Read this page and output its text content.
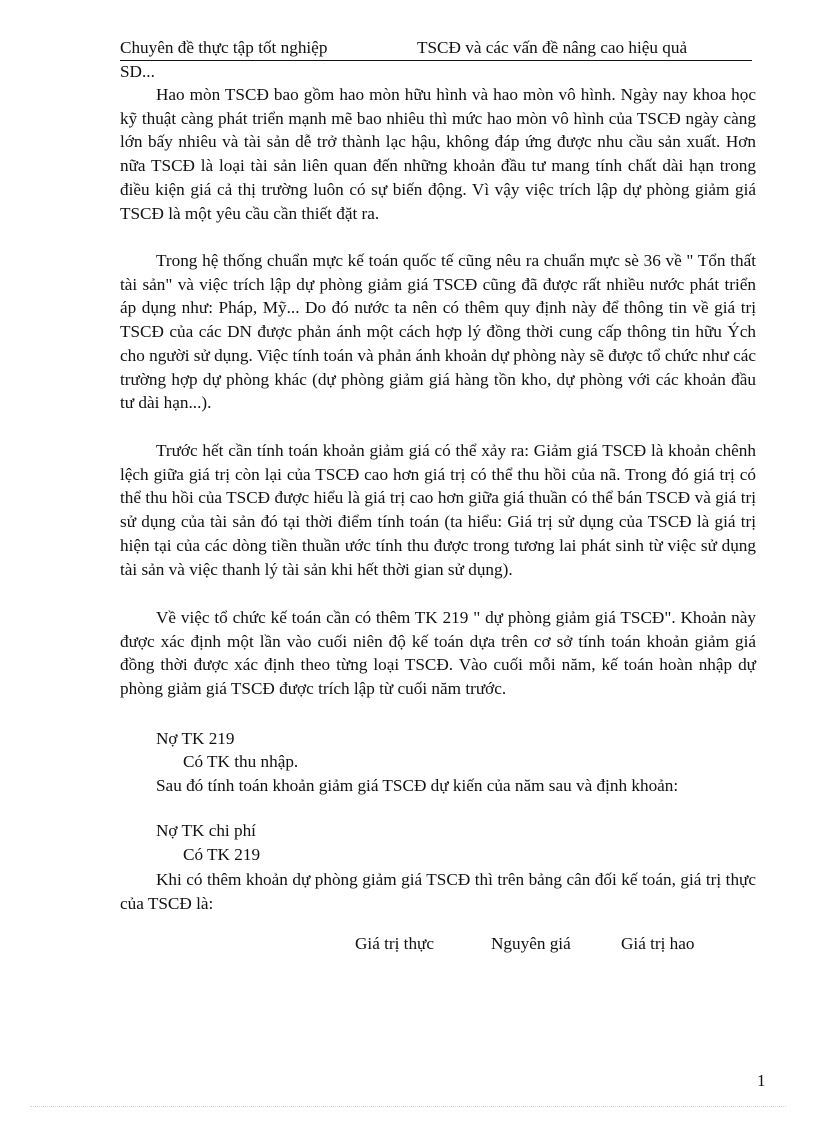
Chuyên đề thực tập tốt nghiệp	TSCĐ và các vấn đề nâng cao hiệu quả
SD...

Hao mòn TSCĐ bao gồm hao mòn hữu hình và hao mòn vô hình. Ngày nay khoa học kỹ thuật càng phát triển mạnh mẽ bao nhiêu thì mức hao mòn vô hình của TSCĐ ngày càng lớn bấy nhiêu và tài sản dễ trở thành lạc hậu, không đáp ứng được nhu cầu sản xuất. Hơn nữa TSCĐ là loại tài sản liên quan đến những khoản đầu tư mang tính chất dài hạn trong điều kiện giá cả thị trường luôn có sự biến động. Vì vậy việc trích lập dự phòng giảm giá TSCĐ là một yêu cầu cần thiết đặt ra.

Trong hệ thống chuẩn mực kế toán quốc tế cũng nêu ra chuẩn mực sè 36 về " Tổn thất tài sản" và việc trích lập dự phòng giảm giá TSCĐ cũng đã được rất nhiều nước phát triển áp dụng như: Pháp, Mỹ... Do đó nước ta nên có thêm quy định này để thông tin về giá trị TSCĐ của các DN được phản ánh một cách hợp lý đồng thời cung cấp thông tin hữu Ých cho người sử dụng. Việc tính toán và phản ánh khoản dự phòng này sẽ được tổ chức như các trường hợp dự phòng khác (dự phòng giảm giá hàng tồn kho, dự phòng với các khoản đầu tư dài hạn...).

Trước hết cần tính toán khoản giảm giá có thể xảy ra: Giảm giá TSCĐ là khoản chênh lệch giữa giá trị còn lại của TSCĐ cao hơn giá trị có thể thu hồi của nã. Trong đó giá trị có thể thu hồi của TSCĐ được hiểu là giá trị cao hơn giữa giá thuần có thể bán TSCĐ và giá trị sử dụng của tài sản đó tại thời điểm tính toán (ta hiểu: Giá trị sử dụng của TSCĐ là giá trị hiện tại của các dòng tiền thuần ước tính thu được trong tương lai phát sinh từ việc sử dụng tài sản và việc thanh lý tài sản khi hết thời gian sử dụng).

Về việc tổ chức kế toán cần có thêm TK 219 " dự phòng giảm giá TSCĐ". Khoản này được xác định một lần vào cuối niên độ kế toán dựa trên cơ sở tính toán khoản giảm giá đồng thời được xác định theo từng loại TSCĐ. Vào cuối mỗi năm, kế toán hoàn nhập dự phòng giảm giá TSCĐ được trích lập từ cuối năm trước.

Nợ TK 219
Có TK thu nhập.
Sau đó tính toán khoản giảm giá TSCĐ dự kiến của năm sau và định khoản:
Nợ TK chi phí
Có TK 219

Khi có thêm khoản dự phòng giảm giá TSCĐ thì trên bảng cân đối kế toán, giá trị thực của TSCĐ là:

Giá trị thực	Nguyên giá	Giá trị hao
1
